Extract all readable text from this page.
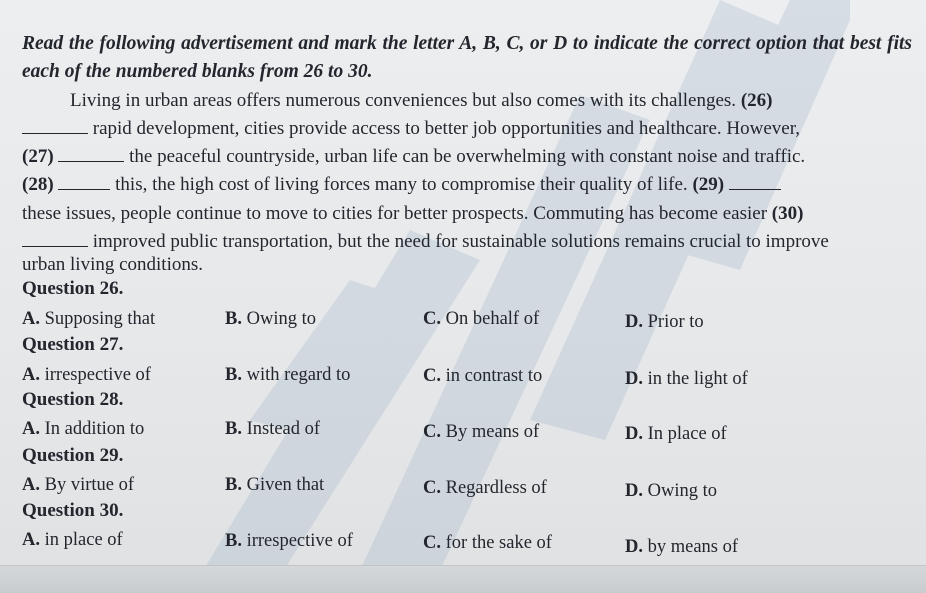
Read the following advertisement and mark the letter A, B, C, or D to indicate the correct option that best fits each of the numbered blanks from 26 to 30.
Living in urban areas offers numerous conveniences but also comes with its challenges. (26)
rapid development, cities provide access to better job opportunities and healthcare. However,
(27)	the peaceful countryside, urban life can be overwhelming with constant noise and traffic.
(28)	this, the high cost of living forces many to compromise their quality of life. (29)
these issues, people continue to move to cities for better prospects. Commuting has become easier (30)
improved public transportation, but the need for sustainable solutions remains crucial to improve
urban living conditions.
Question 26.
A. Supposing that	B. Owing to	C. On behalf of	D. Prior to
Question 27.
A. irrespective of	B. with regard to	C. in contrast to	D. in the light of
Question 28.
A. In addition to	B. Instead of	C. By means of	D. In place of
Question 29.
A. By virtue of	B. Given that	C. Regardless of	D. Owing to
Question 30.
A. in place of	B. irrespective of	C. for the sake of	D. by means of
